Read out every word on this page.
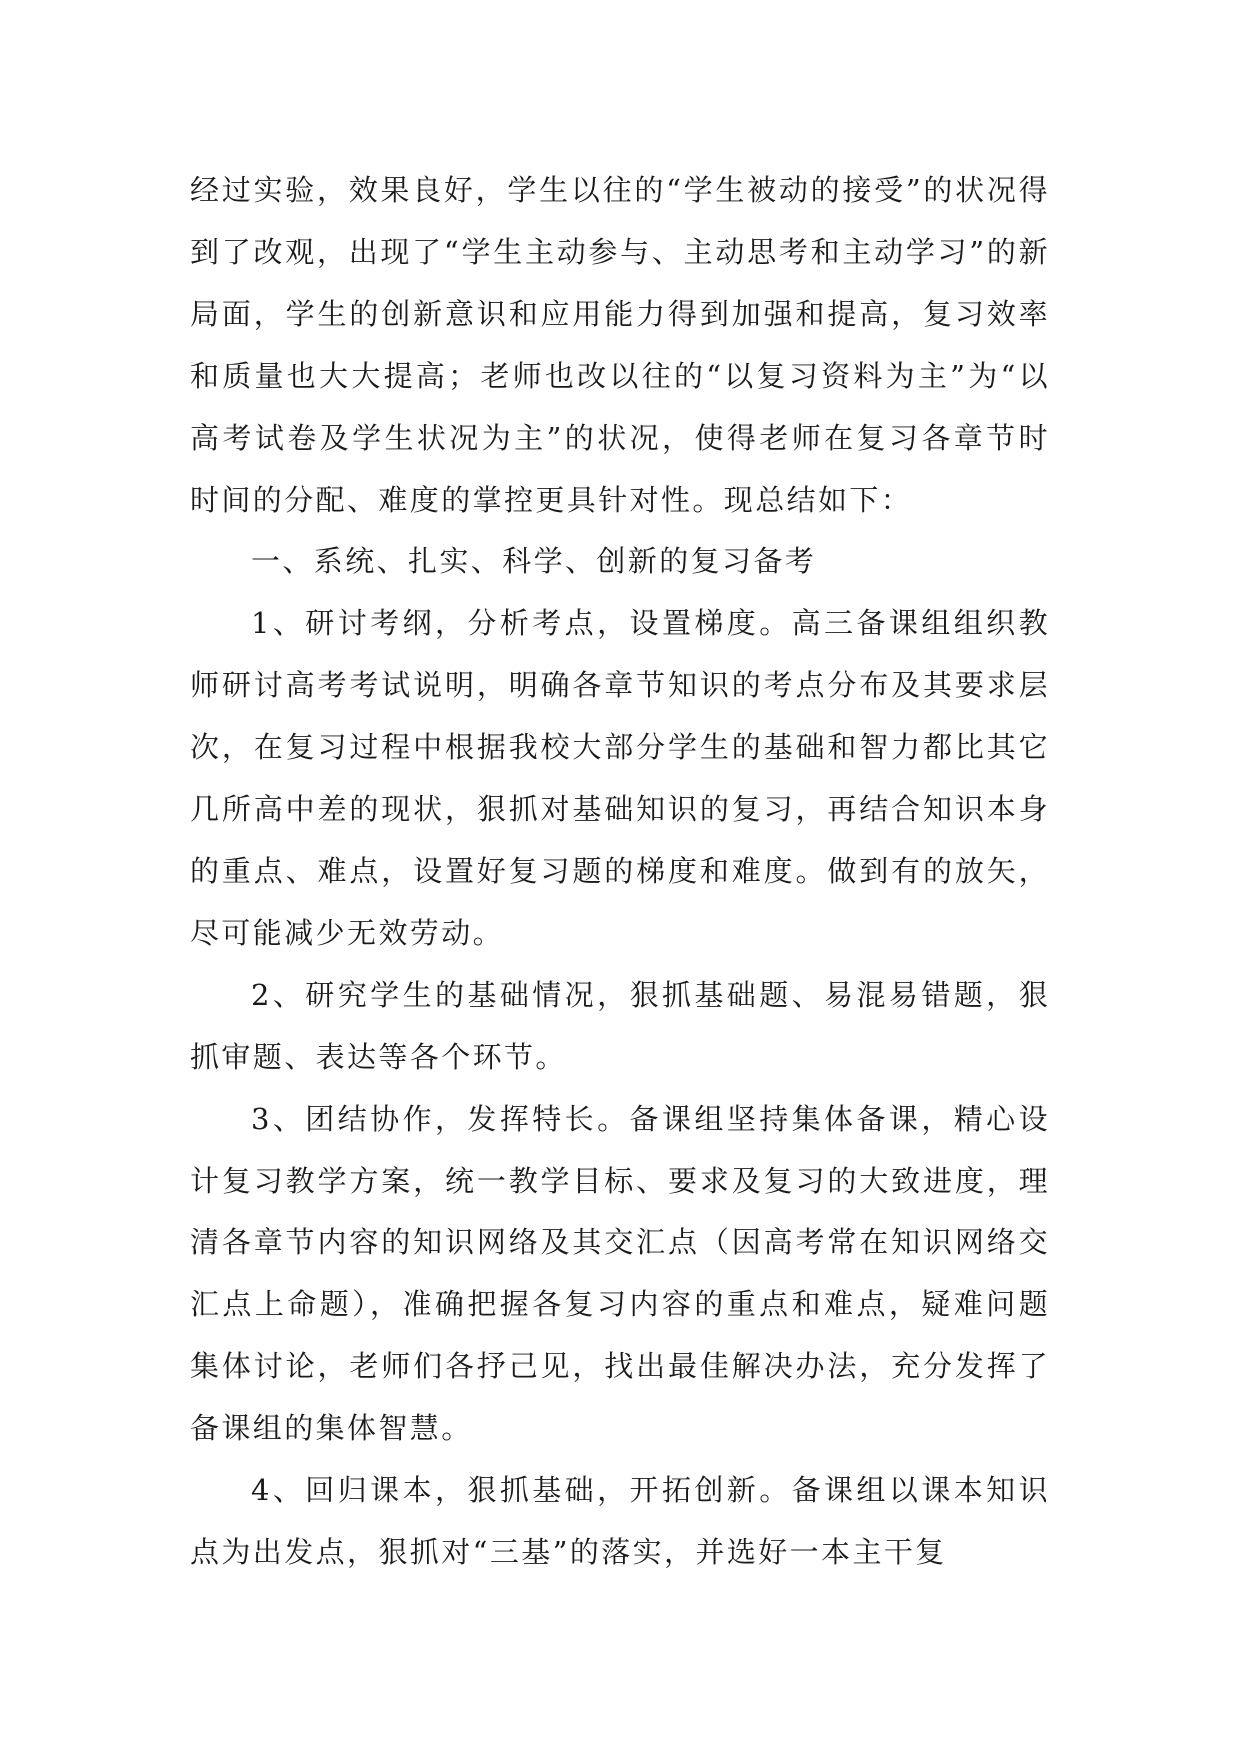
经过实验，效果良好，学生以往的“学生被动的接受”的状况得到了改观，出现了“学生主动参与、主动思考和主动学习”的新局面，学生的创新意识和应用能力得到加强和提高，复习效率和质量也大大提高；老师也改以往的“以复习资料为主”为“以高考试卷及学生状况为主”的状况，使得老师在复习各章节时时间的分配、难度的掌控更具针对性。现总结如下：

一、系统、扎实、科学、创新的复习备考

1、研讨考纲，分析考点，设置梯度。高三备课组组织教师研讨高考考试说明，明确各章节知识的考点分布及其要求层次，在复习过程中根据我校大部分学生的基础和智力都比其它几所高中差的现状，狠抓对基础知识的复习，再结合知识本身的重点、难点，设置好复习题的梯度和难度。做到有的放矢，尽可能减少无效劳动。

2、研究学生的基础情况，狠抓基础题、易混易错题，狠抓审题、表达等各个环节。

3、团结协作，发挥特长。备课组坚持集体备课，精心设计复习教学方案，统一教学目标、要求及复习的大致进度，理清各章节内容的知识网络及其交汇点（因高考常在知识网络交汇点上命题），准确把握各复习内容的重点和难点，疑难问题集体讨论，老师们各抒己见，找出最佳解决办法，充分发挥了备课组的集体智慧。

4、回归课本，狠抓基础，开拓创新。备课组以课本知识点为出发点，狠抓对“三基”的落实，并选好一本主干复
